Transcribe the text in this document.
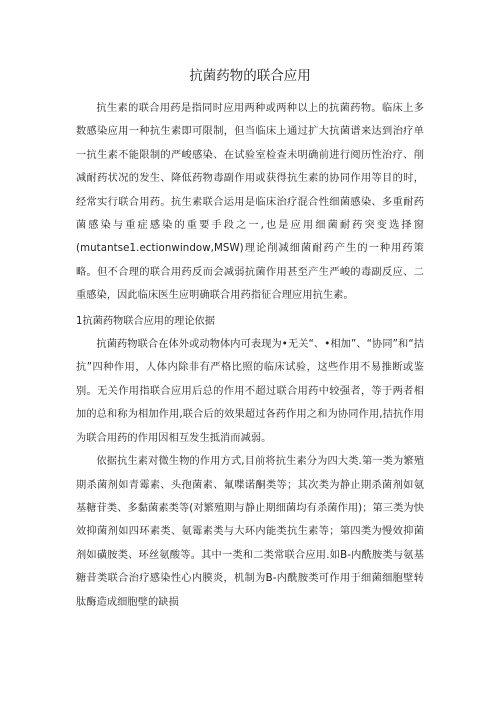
抗菌药物的联合应用

抗生素的联合用药是指同时应用两种或两种以上的抗菌药物。临床上多数感染应用一种抗生素即可限制，但当临床上通过扩大抗菌谱来达到治疗单一抗生素不能限制的严峻感染、在试验室检查未明确前进行阅历性治疗、削减耐药状况的发生、降低药物毒副作用或获得抗生素的协同作用等目的时，经常实行联合用药。抗生素联合运用是临床治疗混合性细菌感染、多重耐药菌感染与重症感染的重要手段之一,也是应用细菌耐药突变选择窗(mutantse1.ectionwindow,MSW)理论削减细菌耐药产生的一种用药策略。但不合理的联合用药反而会减弱抗菌作用甚至产生严峻的毒副反应、二重感染，因此临床医生应明确联合用药指征合理应用抗生素。

1抗菌药物联合应用的理论依据

抗菌药物联合在体外或动物体内可表现为•无关“、•相加”、“协同”和“拮抗”四种作用，人体内除非有严格比照的临床试验，这些作用不易推断或鉴别。无关作用指联合应用后总的作用不超过联合用药中较强者，等于两者相加的总和称为相加作用,联合后的效果超过各药作用之和为协同作用,拮抗作用为联合用药的作用因相互发生抵消而减弱。

依据抗生素对微生物的作用方式,目前将抗生素分为四大类.第一类为繁殖期杀菌剂如青霉素、头孢菌素、氟喋诺酮类等；其次类为静止期杀菌剂如氨基糖苷类、多黏菌素类等(对繁殖期与静止期细菌均有杀菌作用)；第三类为快效抑菌剂如四环素类、氨霉素类与大环内能类抗生素等；第四类为慢效抑菌剂如磺胺类、环丝氨酸等。其中一类和二类常联合应用.如B-内酰胺类与氨基糖昔类联合治疗感染性心内膜炎，机制为B-内酰胺类可作用于细菌细胞壁转肽酶造成细胞壁的缺损
